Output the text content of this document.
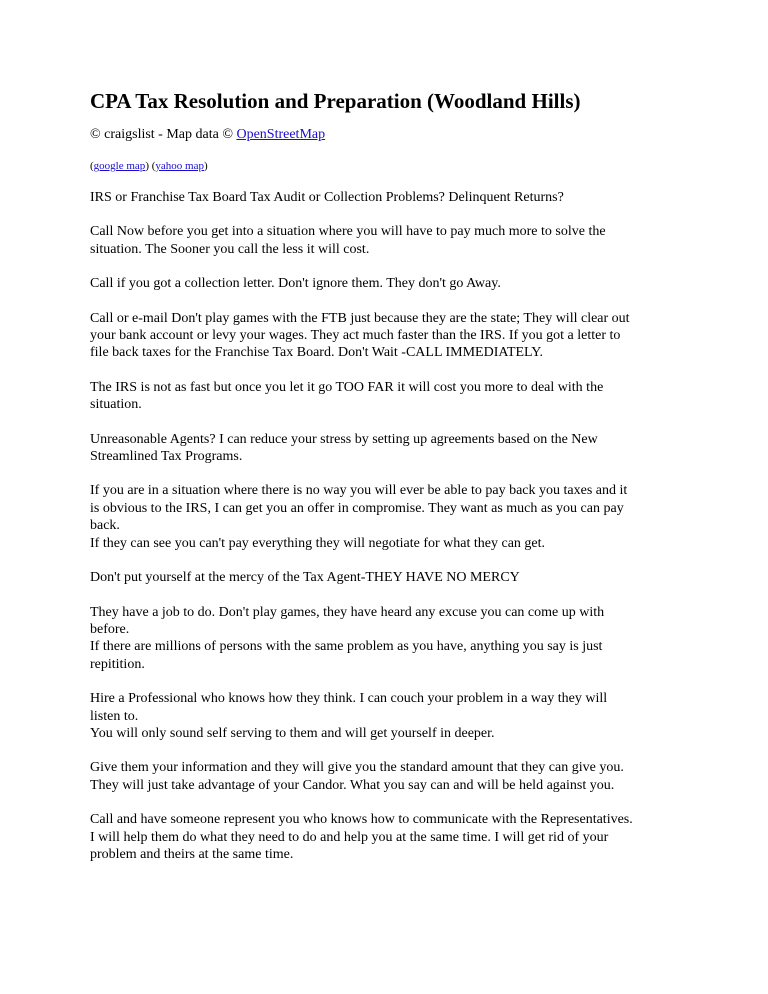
CPA Tax Resolution and Preparation (Woodland Hills)
© craigslist - Map data © OpenStreetMap
(google map) (yahoo map)

IRS or Franchise Tax Board Tax Audit or Collection Problems? Delinquent Returns?

Call Now before you get into a situation where you will have to pay much more to solve the
situation. The Sooner you call the less it will cost.

Call if you got a collection letter. Don't ignore them. They don't go Away.

Call or e-mail Don't play games with the FTB just because they are the state; They will clear out
your bank account or levy your wages. They act much faster than the IRS. If you got a letter to
file back taxes for the Franchise Tax Board. Don't Wait -CALL IMMEDIATELY.

The IRS is not as fast but once you let it go TOO FAR it will cost you more to deal with the
situation.

Unreasonable Agents? I can reduce your stress by setting up agreements based on the New
Streamlined Tax Programs.

If you are in a situation where there is no way you will ever be able to pay back you taxes and it
is obvious to the IRS, I can get you an offer in compromise. They want as much as you can pay
back.
If they can see you can't pay everything they will negotiate for what they can get.

Don't put yourself at the mercy of the Tax Agent-THEY HAVE NO MERCY

They have a job to do. Don't play games, they have heard any excuse you can come up with
before.
If there are millions of persons with the same problem as you have, anything you say is just
repitition.

Hire a Professional who knows how they think. I can couch your problem in a way they will
listen to.
You will only sound self serving to them and will get yourself in deeper.

Give them your information and they will give you the standard amount that they can give you.
They will just take advantage of your Candor. What you say can and will be held against you.

Call and have someone represent you who knows how to communicate with the Representatives.
I will help them do what they need to do and help you at the same time. I will get rid of your
problem and theirs at the same time.
